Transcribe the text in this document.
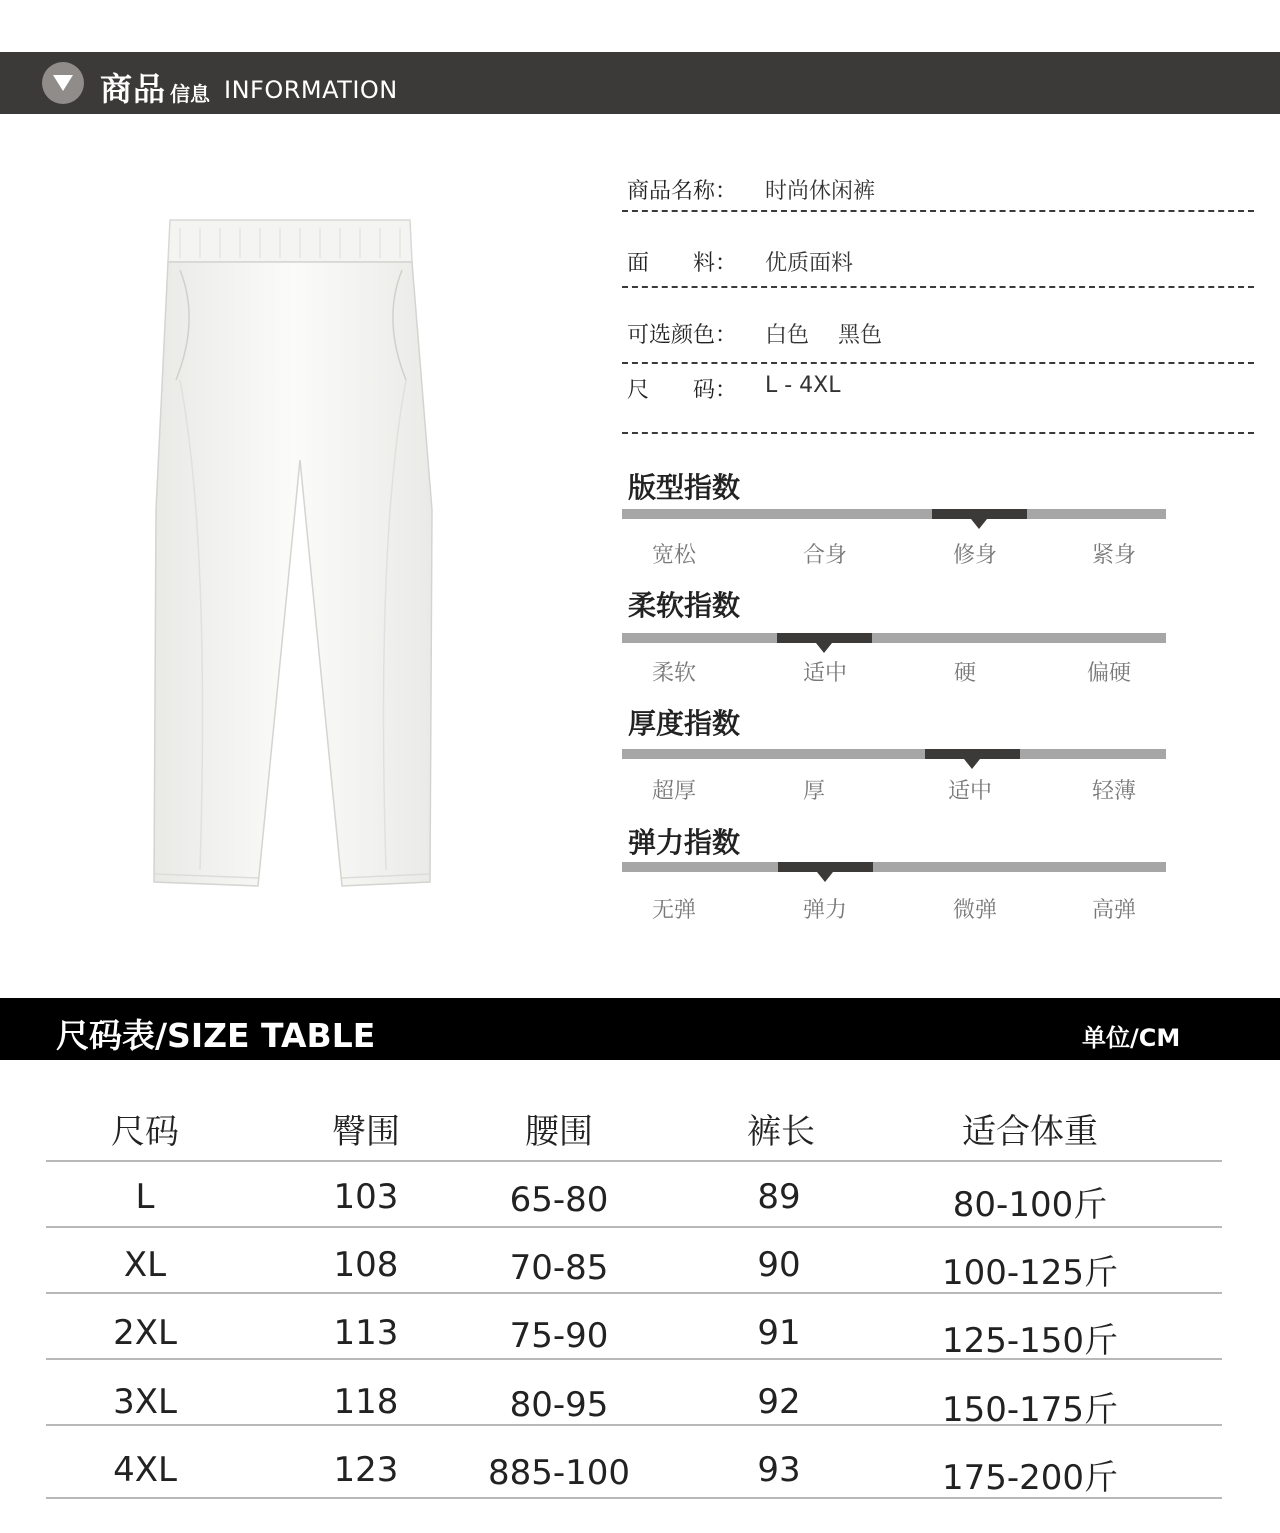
商品 信息 INFORMATION
商品名称： 时尚休闲裤
面　　料： 优质面料
可选颜色： 白色　 黑色
尺　　码： L - 4XL
版型指数
宽松	合身	修身	紧身
柔软指数
柔软	适中	硬	偏硬
厚度指数
超厚	厚	适中	轻薄
弹力指数
无弹	弹力	微弹	高弹
尺码表/SIZE TABLE	单位/CM
尺码	臀围	腰围	裤长	适合体重
L	103	65-80	89	80-100斤
XL	108	70-85	90	100-125斤
2XL	113	75-90	91	125-150斤
3XL	118	80-95	92	150-175斤
4XL	123	885-100	93	175-200斤
